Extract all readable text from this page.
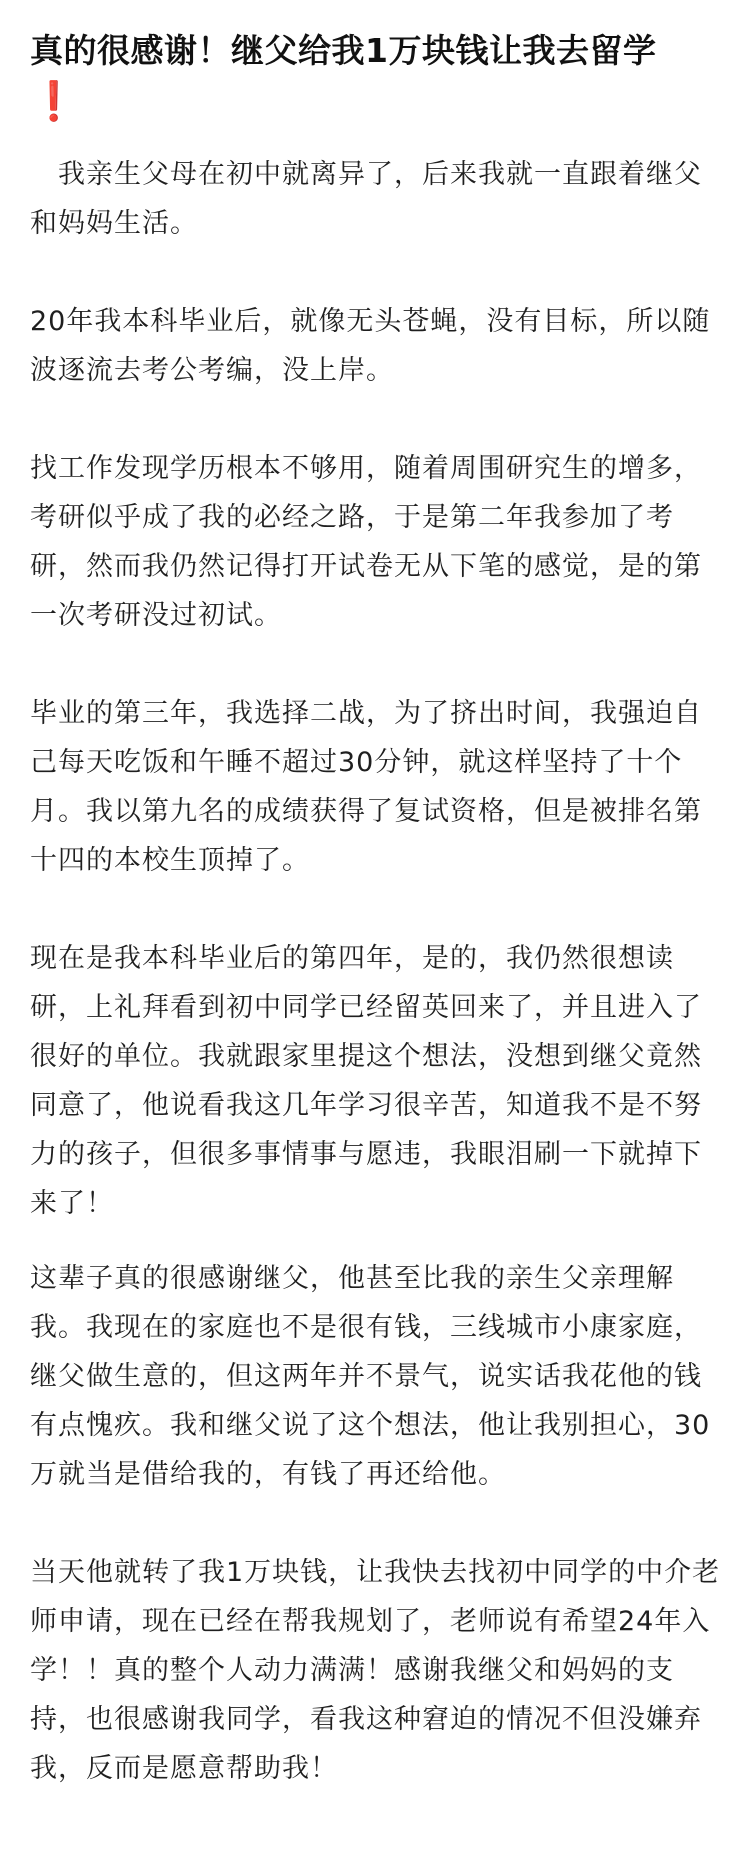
真的很感谢！继父给我1万块钱让我去留学
❗

　我亲生父母在初中就离异了，后来我就一直跟着继父和妈妈生活。

20年我本科毕业后，就像无头苍蝇，没有目标，所以随波逐流去考公考编，没上岸。

找工作发现学历根本不够用，随着周围研究生的增多，考研似乎成了我的必经之路，于是第二年我参加了考研，然而我仍然记得打开试卷无从下笔的感觉，是的第一次考研没过初试。

毕业的第三年，我选择二战，为了挤出时间，我强迫自己每天吃饭和午睡不超过30分钟，就这样坚持了十个月。我以第九名的成绩获得了复试资格，但是被排名第十四的本校生顶掉了。

现在是我本科毕业后的第四年，是的，我仍然很想读研，上礼拜看到初中同学已经留英回来了，并且进入了很好的单位。我就跟家里提这个想法，没想到继父竟然同意了，他说看我这几年学习很辛苦，知道我不是不努力的孩子，但很多事情事与愿违，我眼泪刷一下就掉下来了！

这辈子真的很感谢继父，他甚至比我的亲生父亲理解我。我现在的家庭也不是很有钱，三线城市小康家庭，继父做生意的，但这两年并不景气，说实话我花他的钱有点愧疚。我和继父说了这个想法，他让我别担心，30万就当是借给我的，有钱了再还给他。

当天他就转了我1万块钱，让我快去找初中同学的中介老师申请，现在已经在帮我规划了，老师说有希望24年入学！！真的整个人动力满满！感谢我继父和妈妈的支持，也很感谢我同学，看我这种窘迫的情况不但没嫌弃我，反而是愿意帮助我！
